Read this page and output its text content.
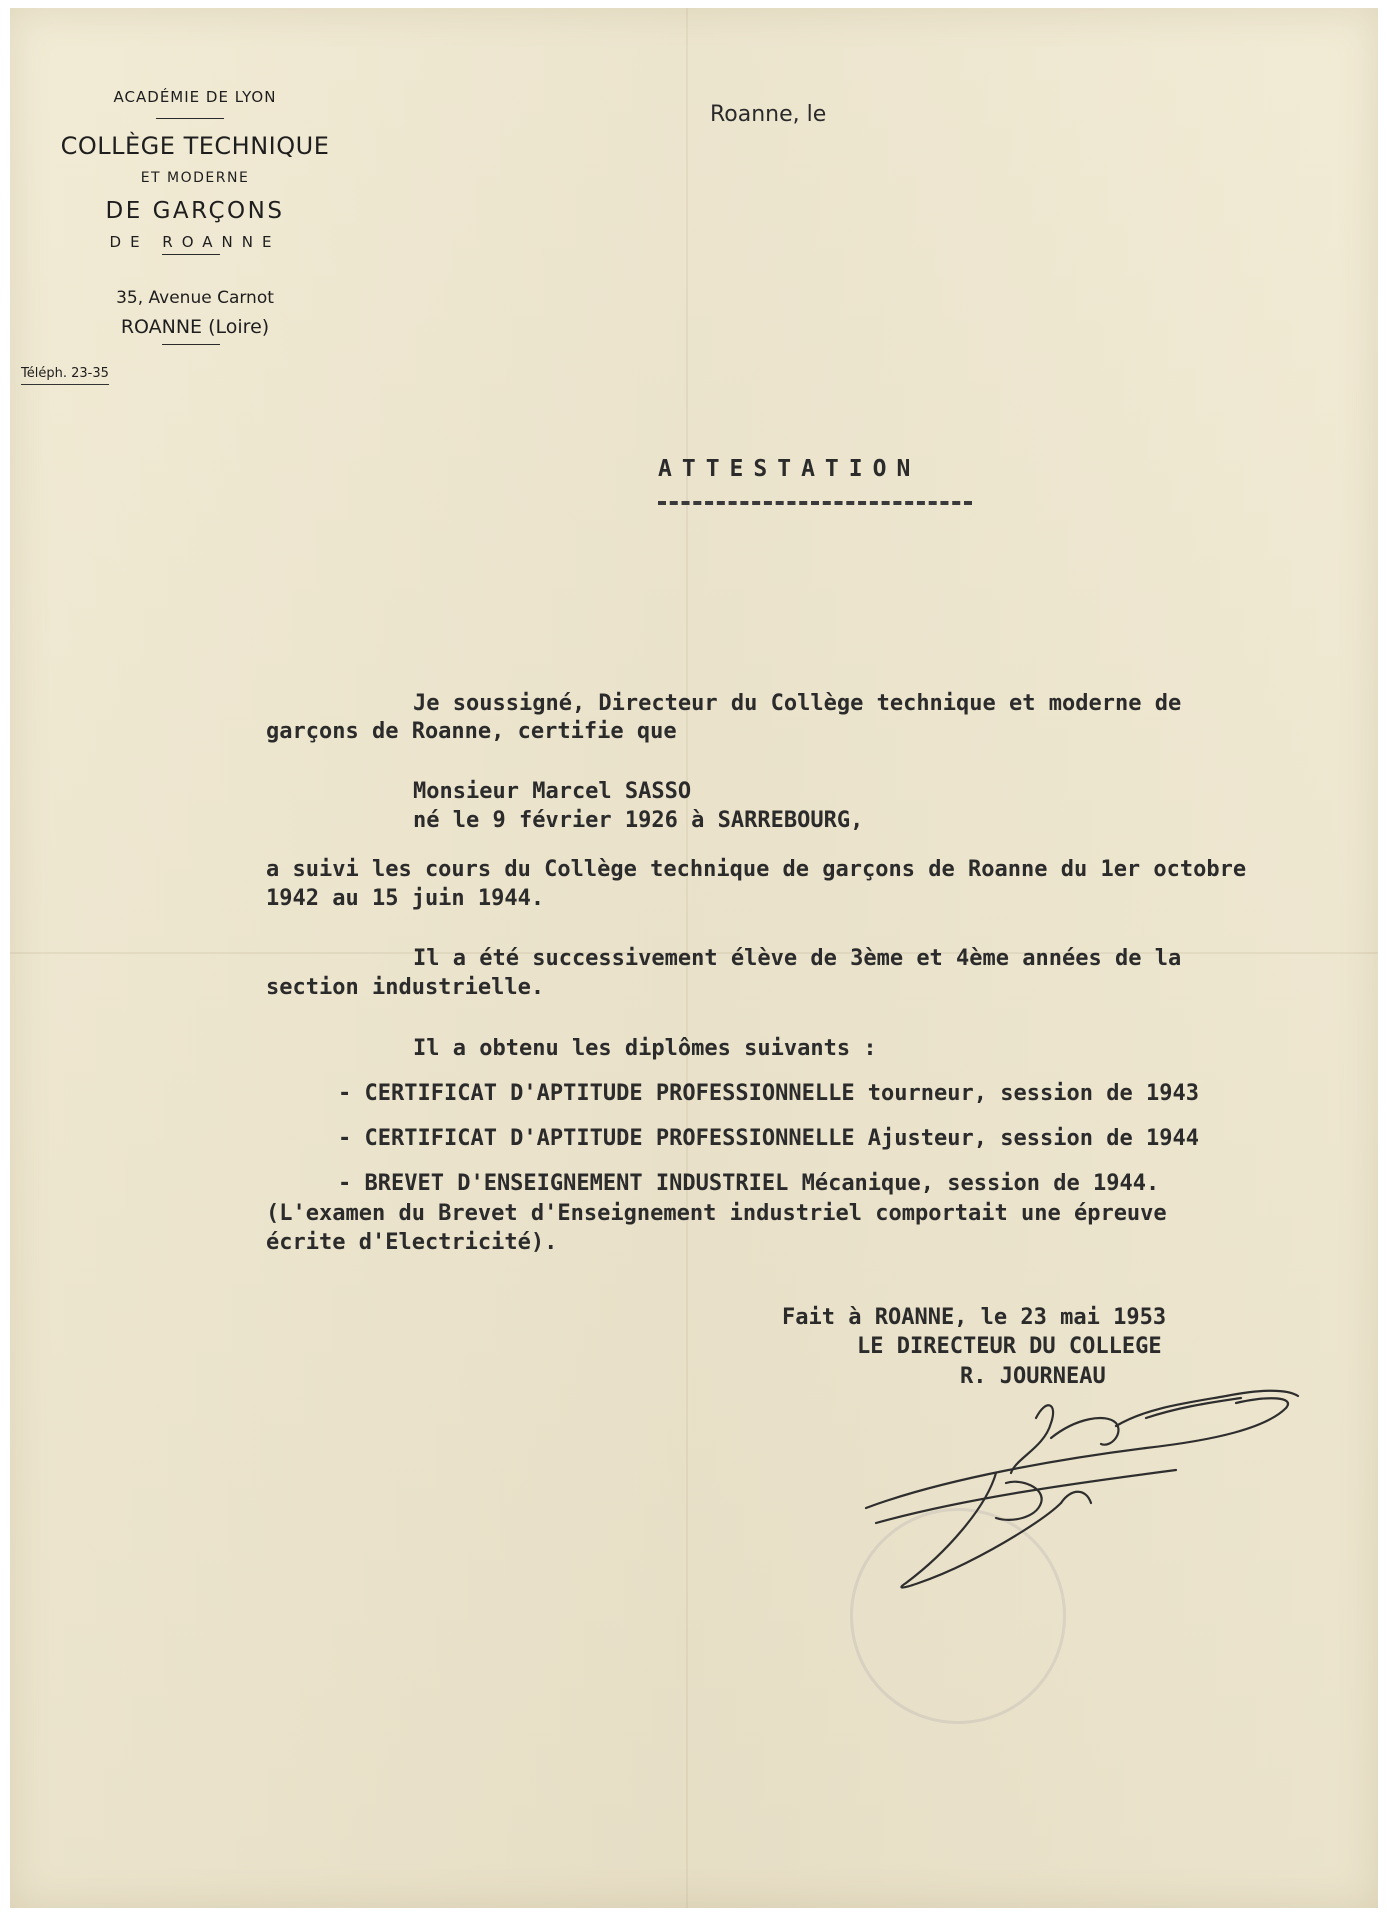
ACADÉMIE DE LYON
COLLÈGE TECHNIQUE
ET MODERNE
DE GARÇONS
DE ROANNE
35, Avenue Carnot
ROANNE (Loire)
Téléph. 23-35
Roanne, le
ATTESTATION
Je soussigné, Directeur du Collège technique et moderne de
garçons de Roanne, certifie que
Monsieur Marcel SASSO
né le 9 février 1926 à SARREBOURG,
a suivi les cours du Collège technique de garçons de Roanne du 1er octobre
1942 au 15 juin 1944.
Il a été successivement élève de 3ème et 4ème années de la
section industrielle.
Il a obtenu les diplômes suivants :
- CERTIFICAT D'APTITUDE PROFESSIONNELLE tourneur, session de 1943
- CERTIFICAT D'APTITUDE PROFESSIONNELLE Ajusteur, session de 1944
- BREVET D'ENSEIGNEMENT INDUSTRIEL Mécanique, session de 1944.
(L'examen du Brevet d'Enseignement industriel comportait une épreuve
écrite d'Electricité).
Fait à ROANNE, le 23 mai 1953
LE DIRECTEUR DU COLLEGE
R. JOURNEAU
